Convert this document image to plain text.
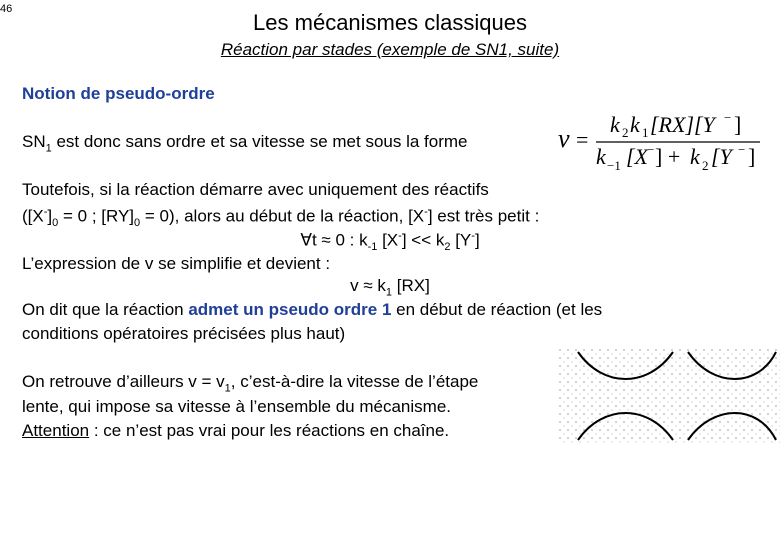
46
Les mécanismes classiques
Réaction par stades (exemple de SN1, suite)
Notion de pseudo-ordre
$SN_1$ est donc sans ordre et sa vitesse se met sous la forme	v =
k 2 k 1 [RX][Y − ]
k −1 [X − ] + k 2 [Y − ]
Toutefois, si la réaction démarre avec uniquement des réactifs
($[X^-]_0 = 0$ ; $[RY]_0 = 0$), alors au début de la réaction, [X-] est très petit :
∀t ≈ 0 : $k_{-1}$ $[X^-] << k_2$ [Y-]
L’expression de v se simplifie et devient :
$v \approx k_1$ [RX]
On dit que la réaction admet un pseudo ordre 1 en début de réaction (et les
conditions opératoires précisées plus haut)
On retrouve d’ailleurs $v = v_1$, c’est-à-dire la vitesse de l’étape
lente, qui impose sa vitesse à l’ensemble du mécanisme.
Attention : ce n’est pas vrai pour les réactions en chaîne.
